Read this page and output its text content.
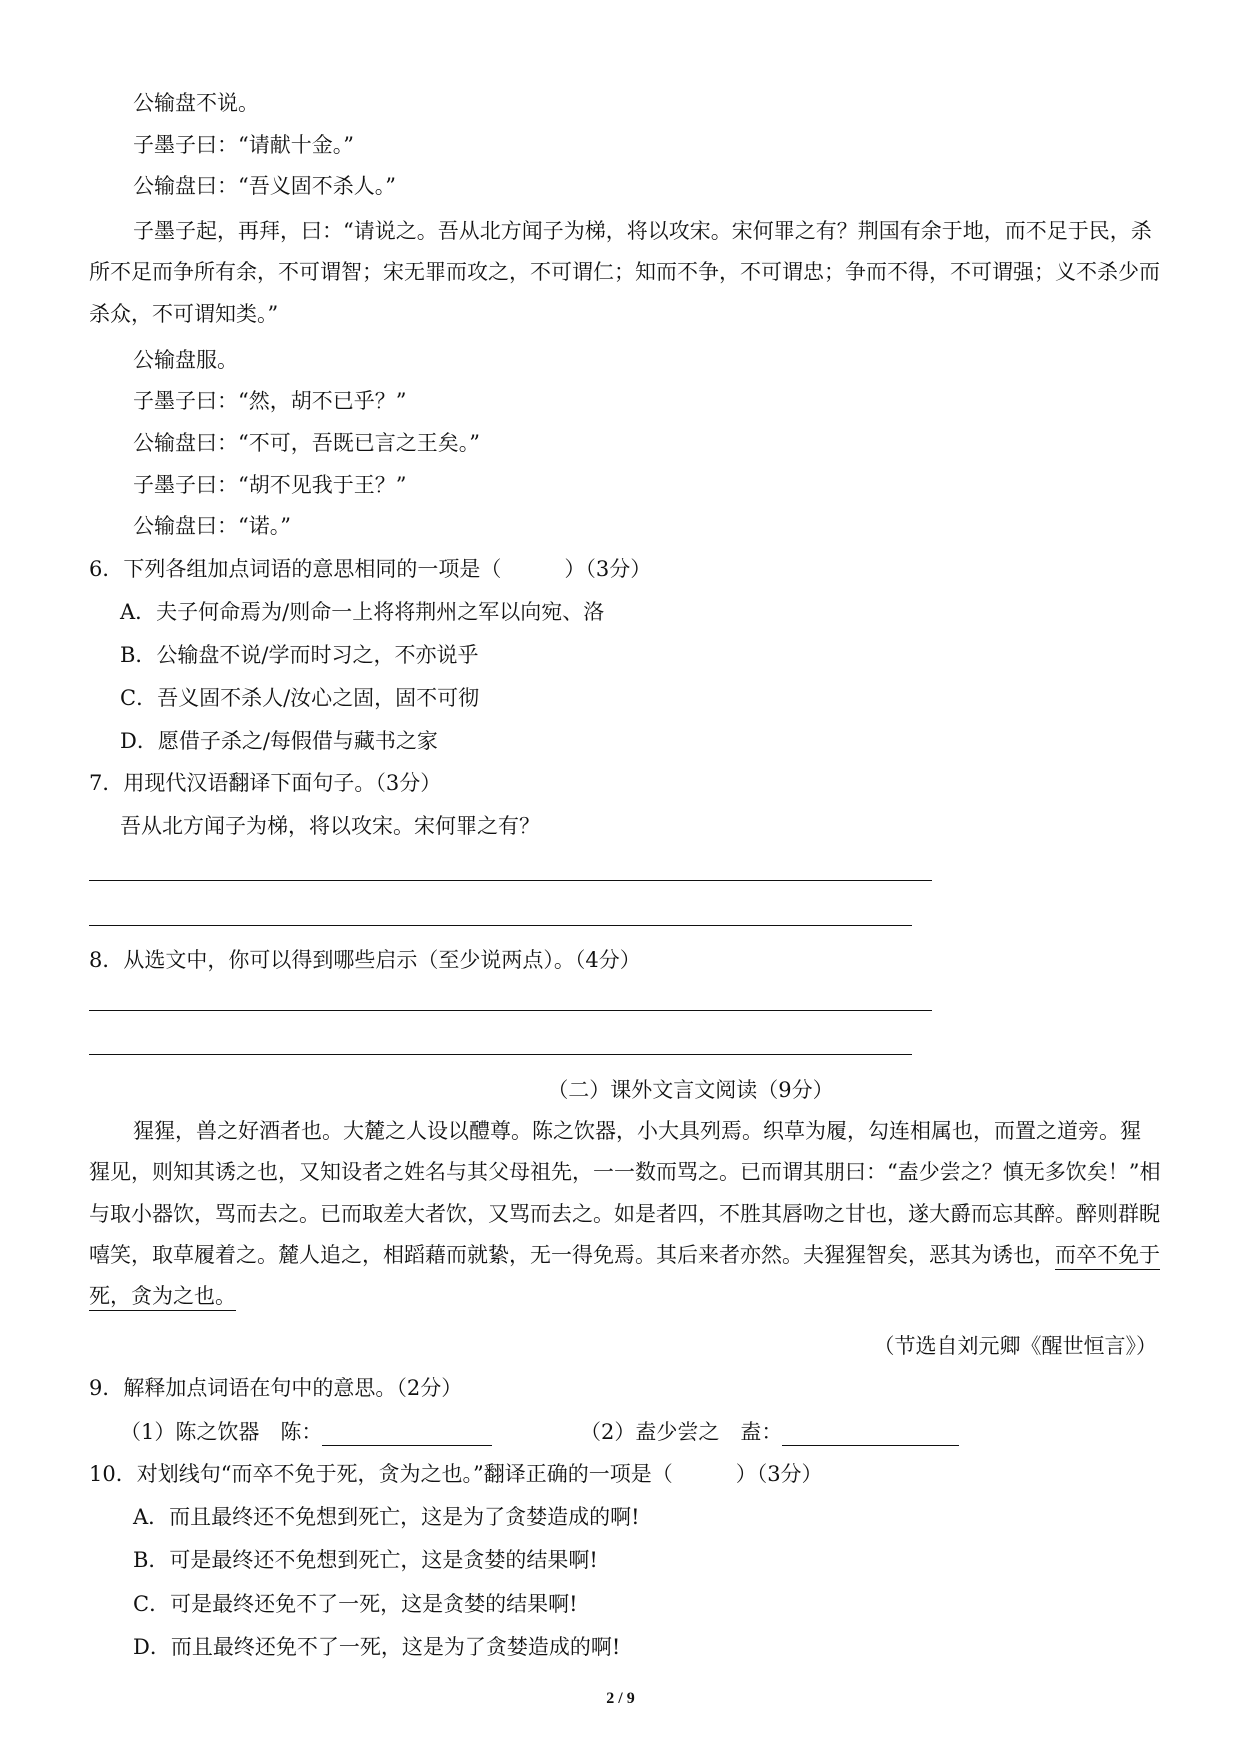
公输盘不说。
子墨子曰：“请献十金。”
公输盘曰：“吾义固不杀人。”
子墨子起，再拜，曰：“请说之。吾从北方闻子为梯，将以攻宋。宋何罪之有？荆国有余于地，而不足于民，杀所不足而争所有余，不可谓智；宋无罪而攻之，不可谓仁；知而不争，不可谓忠；争而不得，不可谓强；义不杀少而杀众，不可谓知类。”
公输盘服。
子墨子曰：“然，胡不已乎？”
公输盘曰：“不可，吾既已言之王矣。”
子墨子曰：“胡不见我于王？”
公输盘曰：“诺。”
6．下列各组加点词语的意思相同的一项是（　　　）（3分）
A．夫子何命焉为/则命一上将将荆州之军以向宛、洛
B．公输盘不说/学而时习之，不亦说乎
C．吾义固不杀人/汝心之固，固不可彻
D．愿借子杀之/每假借与藏书之家
7．用现代汉语翻译下面句子。（3分）
吾从北方闻子为梯，将以攻宋。宋何罪之有？
8．从选文中，你可以得到哪些启示（至少说两点）。（4分）
（二）课外文言文阅读（9分）
猩猩，兽之好酒者也。大麓之人设以醴尊。陈之饮器，小大具列焉。织草为履，勾连相属也，而置之道旁。猩猩见，则知其诱之也，又知设者之姓名与其父母祖先，一一数而骂之。已而谓其朋曰：“盍少尝之？慎无多饮矣！”相与取小器饮，骂而去之。已而取差大者饮，又骂而去之。如是者四，不胜其唇吻之甘也，遂大爵而忘其醉。醉则群睨嘻笑，取草履着之。麓人追之，相蹈藉而就絷，无一得免焉。其后来者亦然。夫猩猩智矣，恶其为诱也，而卒不免于死，贪为之也。
（节选自刘元卿《醒世恒言》）
9．解释加点词语在句中的意思。（2分）
（1）陈之饮器　陈：	（2）盍少尝之　盍：
10．对划线句“而卒不免于死，贪为之也。”翻译正确的一项是（　　　）（3分）
A．而且最终还不免想到死亡，这是为了贪婪造成的啊!
B．可是最终还不免想到死亡，这是贪婪的结果啊!
C．可是最终还免不了一死，这是贪婪的结果啊!
D．而且最终还免不了一死，这是为了贪婪造成的啊!
2 / 9
